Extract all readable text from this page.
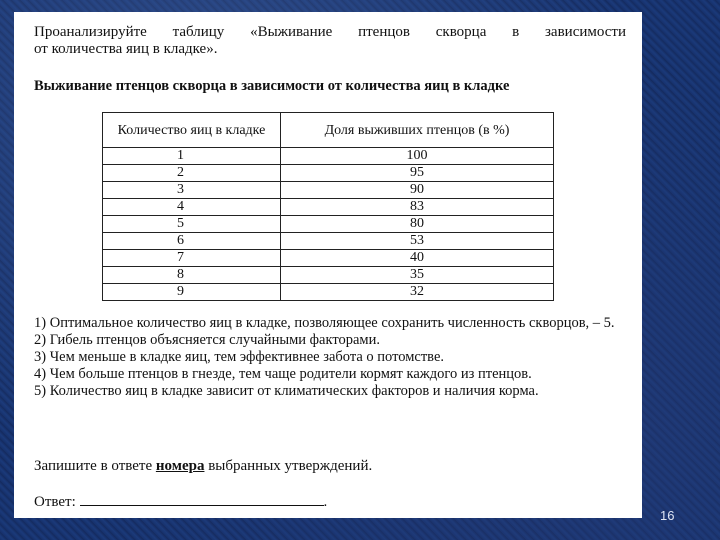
Проанализируйте таблицу «Выживание птенцов скворца в зависимости
от количества яиц в кладке».
Выживание птенцов скворца в зависимости от количества яиц в кладке
Количество яиц в кладке	Доля выживших птенцов (в %)
1	100
2	95
3	90
4	83
5	80
6	53
7	40
8	35
9	32
1) Оптимальное количество яиц в кладке, позволяющее сохранить численность скворцов, – 5.
2) Гибель птенцов объясняется случайными факторами.
3) Чем меньше в кладке яиц, тем эффективнее забота о потомстве.
4) Чем больше птенцов в гнезде, тем чаще родители кормят каждого из птенцов.
5) Количество яиц в кладке зависит от климатических факторов и наличия корма.
Запишите в ответе номера выбранных утверждений.
Ответ:	.
16
